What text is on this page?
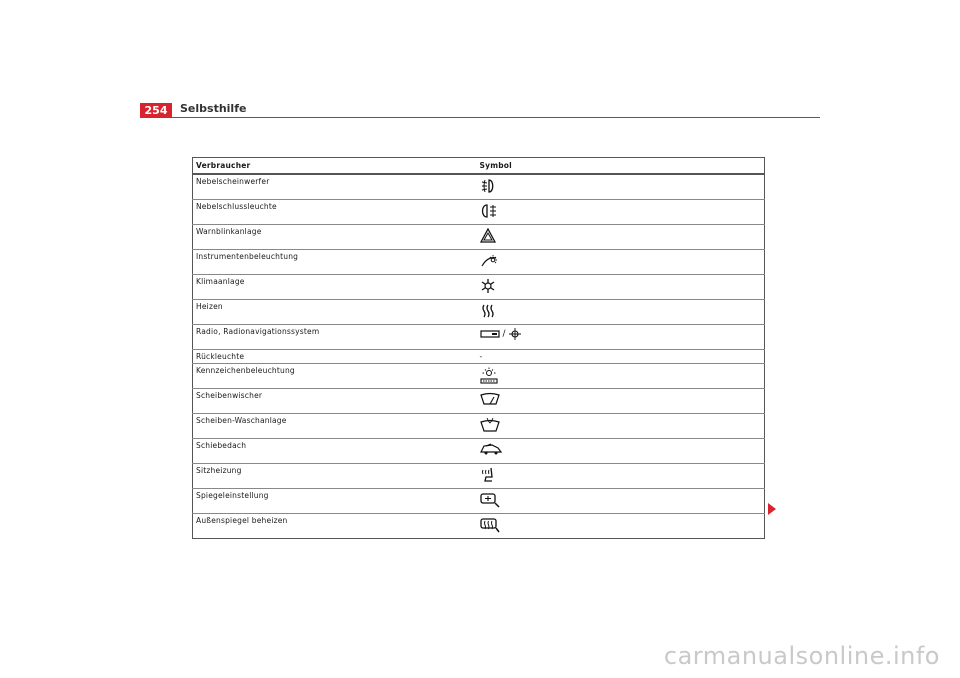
254	Selbsthilfe
Verbraucher	Symbol
Nebelscheinwerfer	

Nebelschlussleuchte	

Warnblinkanlage	

Instrumentenbeleuchtung	

Klimaanlage	

Heizen	

Radio, Radionavigationssystem	/

Rückleuchte	-
Kennzeichenbeleuchtung	

Scheibenwischer	

Scheiben-Waschanlage	

Schiebedach	

Sitzheizung	

Spiegeleinstellung	

Außenspiegel beheizen	
carmanualsonline.info
